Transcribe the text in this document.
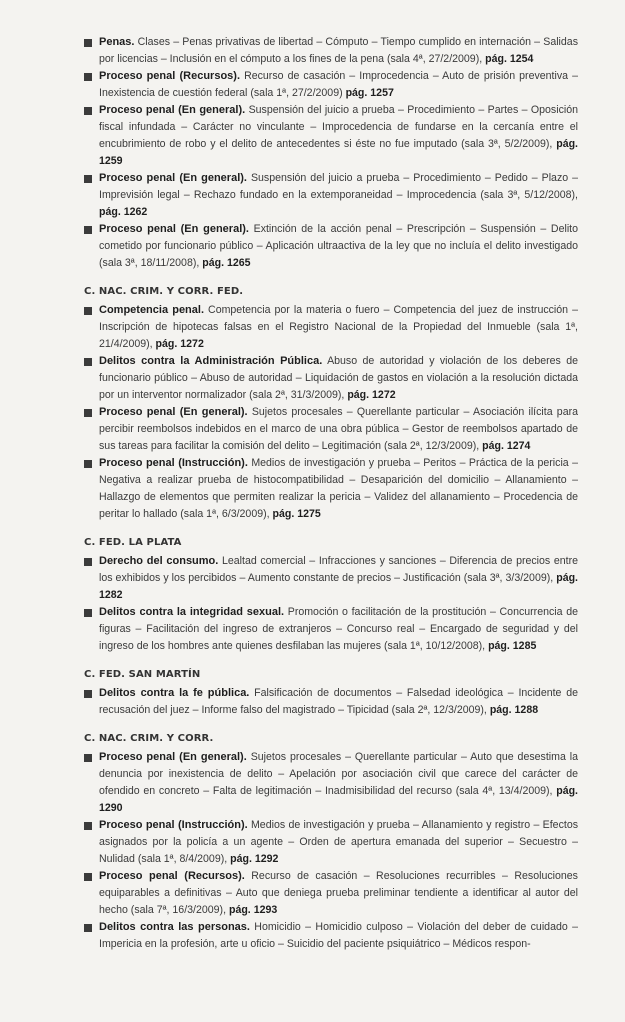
Penas. Clases – Penas privativas de libertad – Cómputo – Tiempo cumplido en internación – Salidas por licencias – Inclusión en el cómputo a los fines de la pena (sala 4ª, 27/2/2009), pág. 1254
Proceso penal (Recursos). Recurso de casación – Improcedencia – Auto de prisión preventiva – Inexistencia de cuestión federal (sala 1ª, 27/2/2009) pág. 1257
Proceso penal (En general). Suspensión del juicio a prueba – Procedimiento – Partes – Oposición fiscal infundada – Carácter no vinculante – Improcedencia de fundarse en la cercanía entre el encubrimiento de robo y el delito de antecedentes si éste no fue imputado (sala 3ª, 5/2/2009), pág. 1259
Proceso penal (En general). Suspensión del juicio a prueba – Procedimiento – Pedido – Plazo – Imprevisión legal – Rechazo fundado en la extemporaneidad – Improcedencia (sala 3ª, 5/12/2008), pág. 1262
Proceso penal (En general). Extinción de la acción penal – Prescripción – Suspensión – Delito cometido por funcionario público – Aplicación ultraactiva de la ley que no incluía el delito investigado (sala 3ª, 18/11/2008), pág. 1265
C. NAC. CRIM. Y CORR. FED.
Competencia penal. Competencia por la materia o fuero – Competencia del juez de instrucción – Inscripción de hipotecas falsas en el Registro Nacional de la Propiedad del Inmueble (sala 1ª, 21/4/2009), pág. 1272
Delitos contra la Administración Pública. Abuso de autoridad y violación de los deberes de funcionario público – Abuso de autoridad – Liquidación de gastos en violación a la resolución dictada por un interventor normalizador (sala 2ª, 31/3/2009), pág. 1272
Proceso penal (En general). Sujetos procesales – Querellante particular – Asociación ilícita para percibir reembolsos indebidos en el marco de una obra pública – Gestor de reembolsos apartado de sus tareas para facilitar la comisión del delito – Legitimación (sala 2ª, 12/3/2009), pág. 1274
Proceso penal (Instrucción). Medios de investigación y prueba – Peritos – Práctica de la pericia – Negativa a realizar prueba de histocompatibilidad – Desaparición del domicilio – Allanamiento – Hallazgo de elementos que permiten realizar la pericia – Validez del allanamiento – Procedencia de peritar lo hallado (sala 1ª, 6/3/2009), pág. 1275
C. FED. LA PLATA
Derecho del consumo. Lealtad comercial – Infracciones y sanciones – Diferencia de precios entre los exhibidos y los percibidos – Aumento constante de precios – Justificación (sala 3ª, 3/3/2009), pág. 1282
Delitos contra la integridad sexual. Promoción o facilitación de la prostitución – Concurrencia de figuras – Facilitación del ingreso de extranjeros – Concurso real – Encargado de seguridad y del ingreso de los hombres ante quienes desfilaban las mujeres (sala 1ª, 10/12/2008), pág. 1285
C. FED. SAN MARTÍN
Delitos contra la fe pública. Falsificación de documentos – Falsedad ideológica – Incidente de recusación del juez – Informe falso del magistrado – Tipicidad (sala 2ª, 12/3/2009), pág. 1288
C. NAC. CRIM. Y CORR.
Proceso penal (En general). Sujetos procesales – Querellante particular – Auto que desestima la denuncia por inexistencia de delito – Apelación por asociación civil que carece del carácter de ofendido en concreto – Falta de legitimación – Inadmisibilidad del recurso (sala 4ª, 13/4/2009), pág. 1290
Proceso penal (Instrucción). Medios de investigación y prueba – Allanamiento y registro – Efectos asignados por la policía a un agente – Orden de apertura emanada del superior – Secuestro – Nulidad (sala 1ª, 8/4/2009), pág. 1292
Proceso penal (Recursos). Recurso de casación – Resoluciones recurribles – Resoluciones equiparables a definitivas – Auto que deniega prueba preliminar tendiente a identificar al autor del hecho (sala 7ª, 16/3/2009), pág. 1293
Delitos contra las personas. Homicidio – Homicidio culposo – Violación del deber de cuidado – Impericia en la profesión, arte u oficio – Suicidio del paciente psiquiátrico – Médicos respon-
